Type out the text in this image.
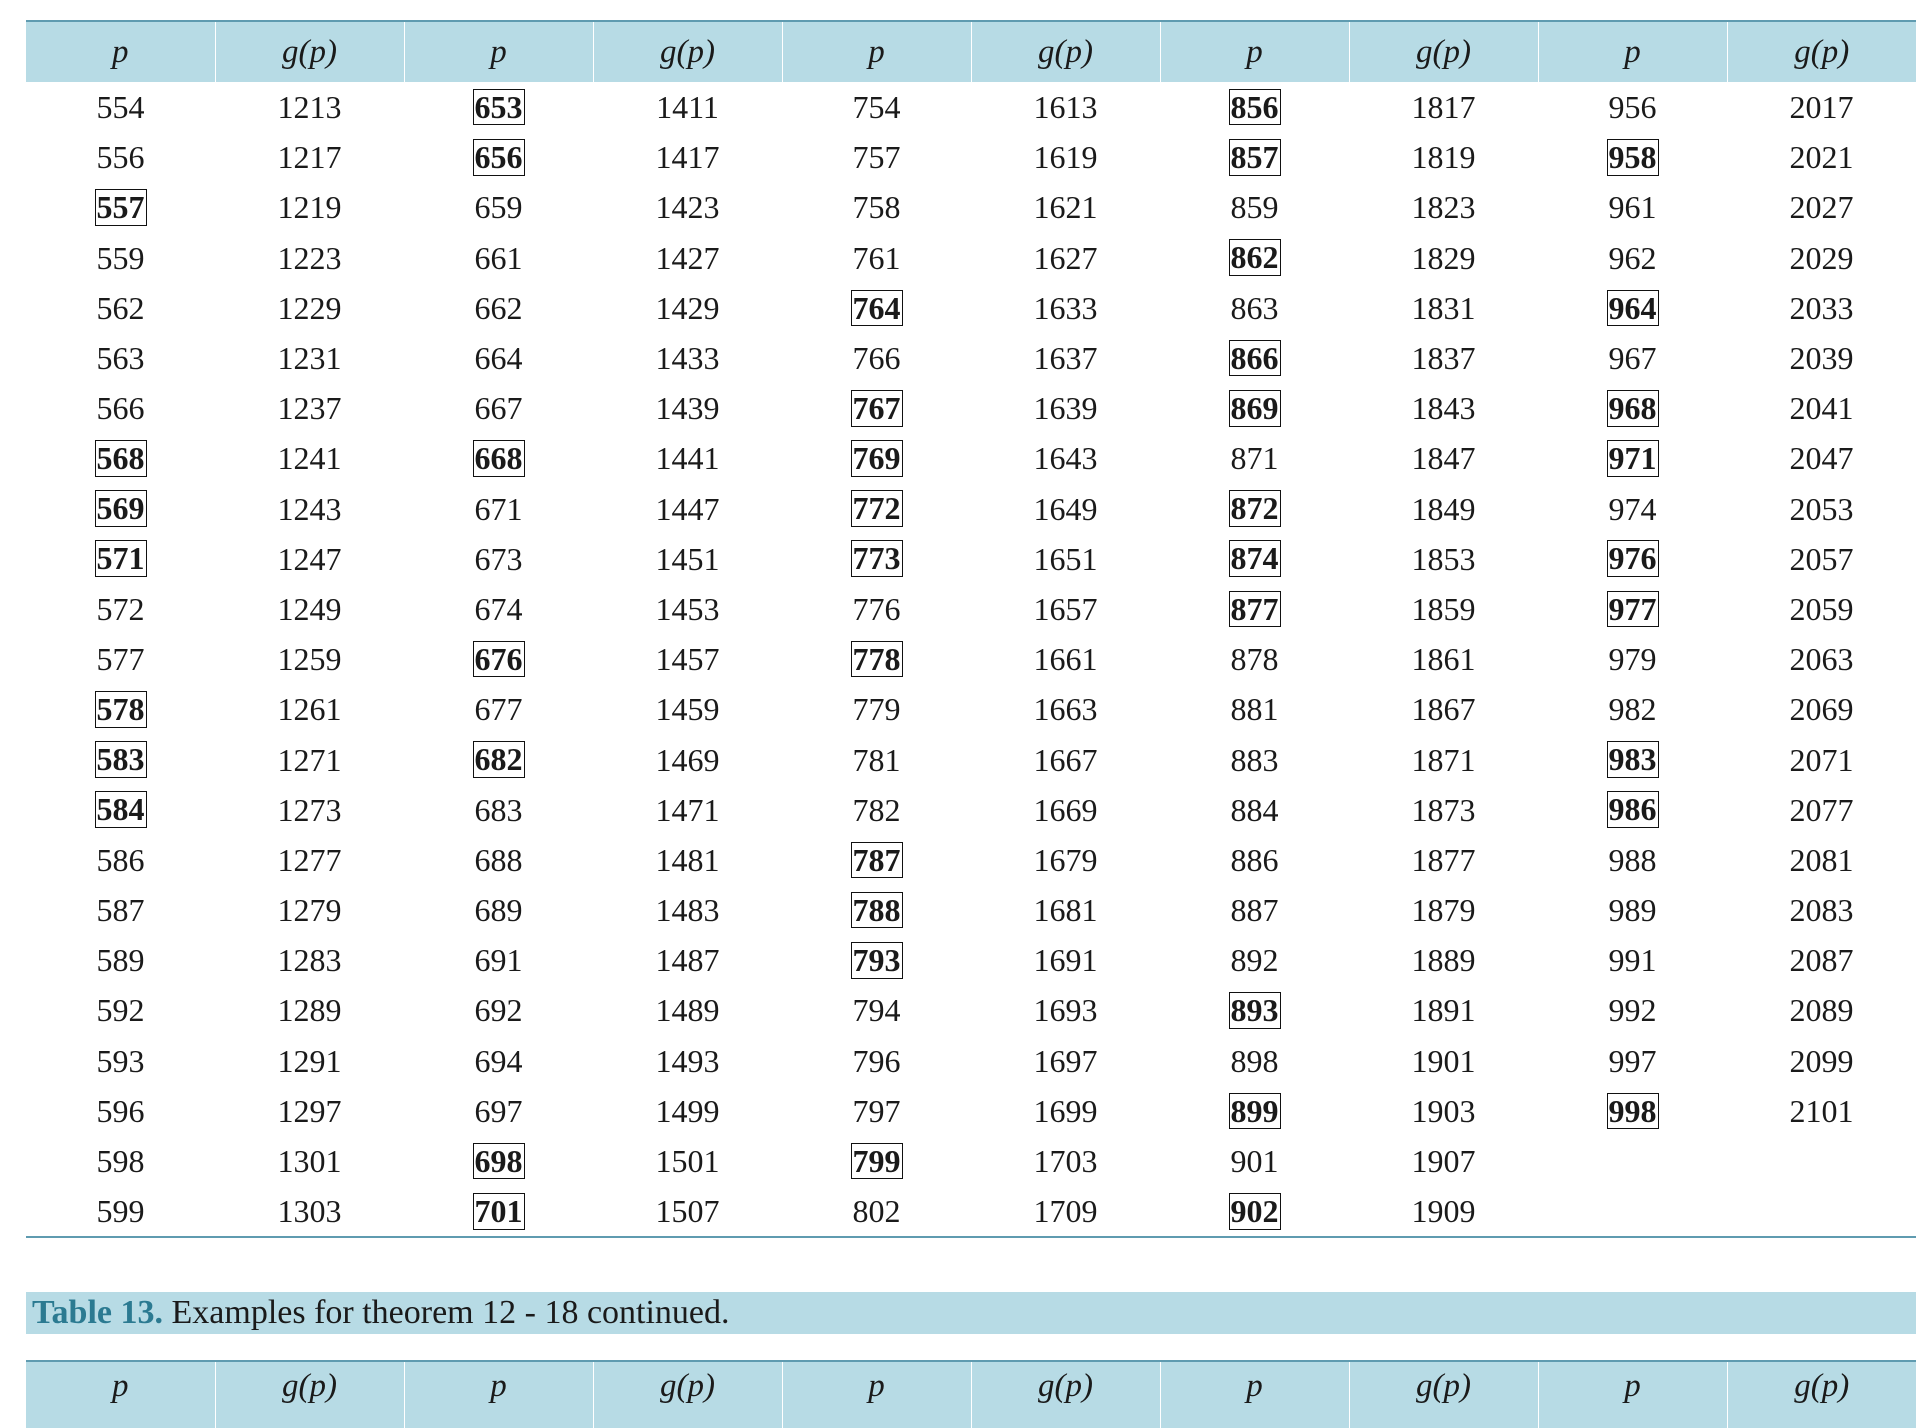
p	g(p)	p	g(p)	p	g(p)	p	g(p)	p	g(p)
554	1213	653	1411	754	1613	856	1817	956	2017
556	1217	656	1417	757	1619	857	1819	958	2021
557	1219	659	1423	758	1621	859	1823	961	2027
559	1223	661	1427	761	1627	862	1829	962	2029
562	1229	662	1429	764	1633	863	1831	964	2033
563	1231	664	1433	766	1637	866	1837	967	2039
566	1237	667	1439	767	1639	869	1843	968	2041
568	1241	668	1441	769	1643	871	1847	971	2047
569	1243	671	1447	772	1649	872	1849	974	2053
571	1247	673	1451	773	1651	874	1853	976	2057
572	1249	674	1453	776	1657	877	1859	977	2059
577	1259	676	1457	778	1661	878	1861	979	2063
578	1261	677	1459	779	1663	881	1867	982	2069
583	1271	682	1469	781	1667	883	1871	983	2071
584	1273	683	1471	782	1669	884	1873	986	2077
586	1277	688	1481	787	1679	886	1877	988	2081
587	1279	689	1483	788	1681	887	1879	989	2083
589	1283	691	1487	793	1691	892	1889	991	2087
592	1289	692	1489	794	1693	893	1891	992	2089
593	1291	694	1493	796	1697	898	1901	997	2099
596	1297	697	1499	797	1699	899	1903	998	2101
598	1301	698	1501	799	1703	901	1907		
599	1303	701	1507	802	1709	902	1909		
Table 13. Examples for theorem 12 - 18 continued.
p	g(p)	p	g(p)	p	g(p)	p	g(p)	p	g(p)
